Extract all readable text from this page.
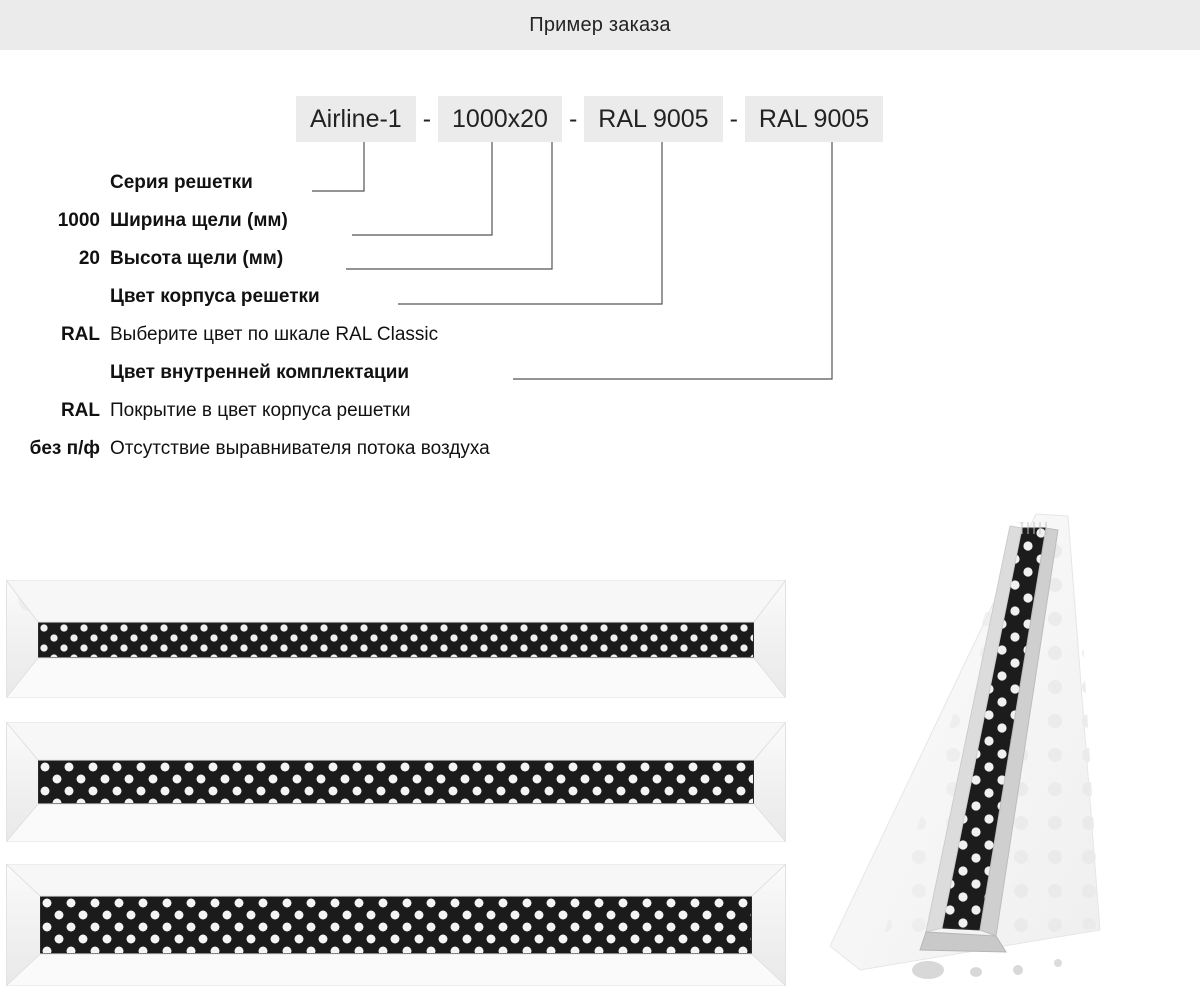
Пример заказа
Airline-1 - 1000x20 - RAL 9005 - RAL 9005
Серия решетки
1000 Ширина щели (мм)
20 Высота щели (мм)
Цвет корпуса решетки
RAL Выберите цвет по шкале RAL Classic
Цвет внутренней комплектации
RAL Покрытие в цвет корпуса решетки
без п/ф Отсутствие выравнивателя потока воздуха
